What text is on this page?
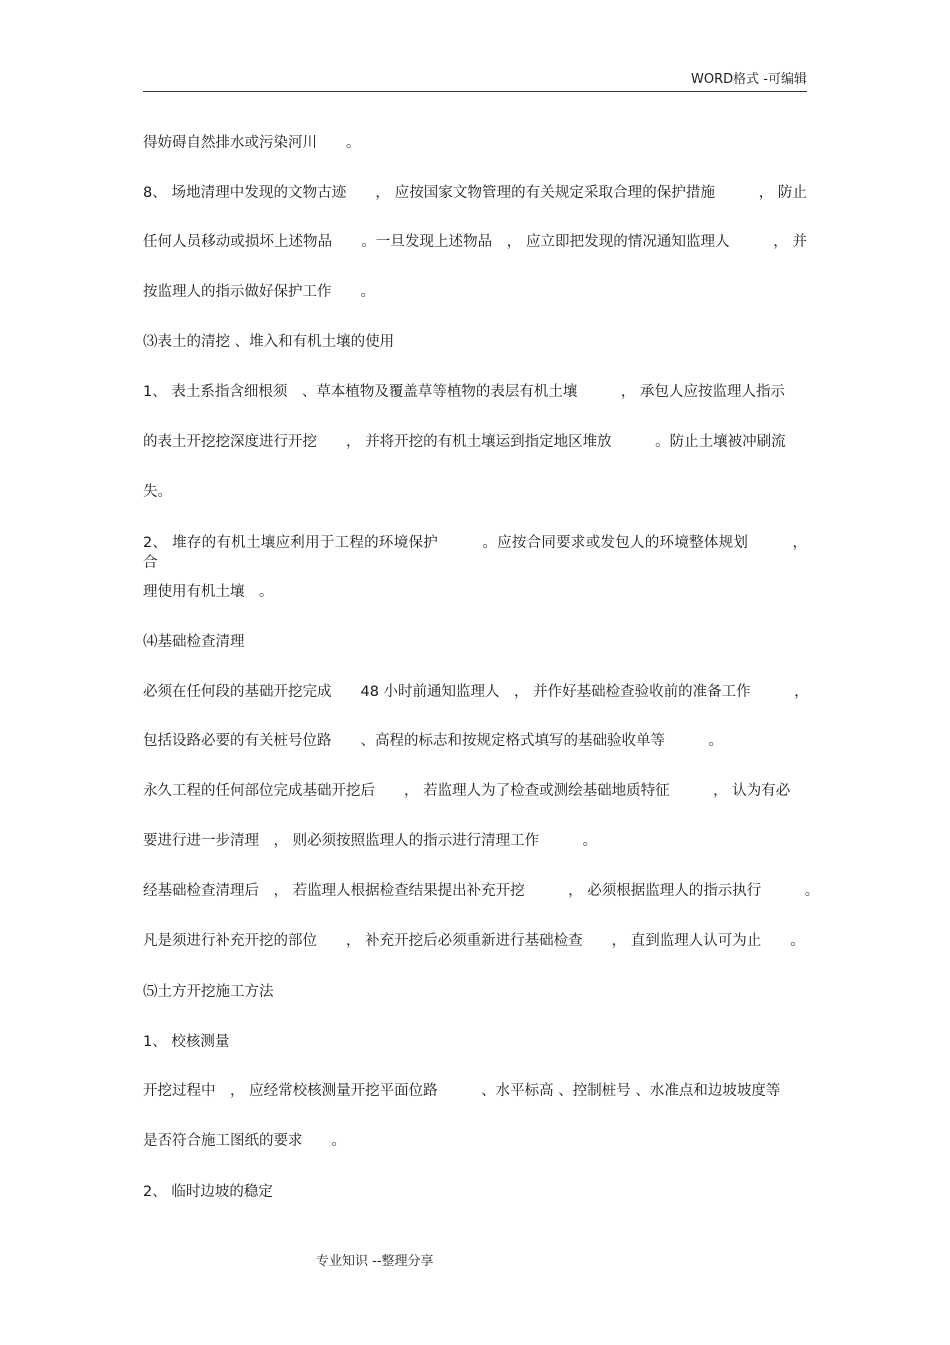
WORD格式 -可编辑
得妨碍自然排水或污染河川　　。
8、 场地清理中发现的文物古迹　　， 应按国家文物管理的有关规定采取合理的保护措施　　　， 防止
任何人员移动或损坏上述物品　　。一旦发现上述物品　， 应立即把发现的情况通知监理人　　　， 并
按监理人的指示做好保护工作　　。
⑶表土的清挖 、堆入和有机土壤的使用
1、 表土系指含细根须　、草本植物及覆盖草等植物的表层有机土壤　　　， 承包人应按监理人指示
的表土开挖挖深度进行开挖　　， 并将开挖的有机土壤运到指定地区堆放　　　。防止土壤被冲刷流
失。
2、 堆存的有机土壤应利用于工程的环境保护　　　。应按合同要求或发包人的环境整体规划　　　， 合
理使用有机土壤　。
⑷基础检查清理
必须在任何段的基础开挖完成　　48 小时前通知监理人　， 并作好基础检查验收前的准备工作　　　，
包括设路必要的有关桩号位路　　、高程的标志和按规定格式填写的基础验收单等　　　。
永久工程的任何部位完成基础开挖后　　， 若监理人为了检查或测绘基础地质特征　　　， 认为有必
要进行进一步清理　， 则必须按照监理人的指示进行清理工作　　　。
经基础检查清理后　， 若监理人根据检查结果提出补充开挖　　　， 必须根据监理人的指示执行　　　。
凡是须进行补充开挖的部位　　， 补充开挖后必须重新进行基础检查　　， 直到监理人认可为止　　。
⑸土方开挖施工方法
1、 校核测量
开挖过程中　， 应经常校核测量开挖平面位路　　　、水平标高 、控制桩号 、水准点和边坡坡度等
是否符合施工图纸的要求　　。
2、 临时边坡的稳定
专业知识 --整理分享
